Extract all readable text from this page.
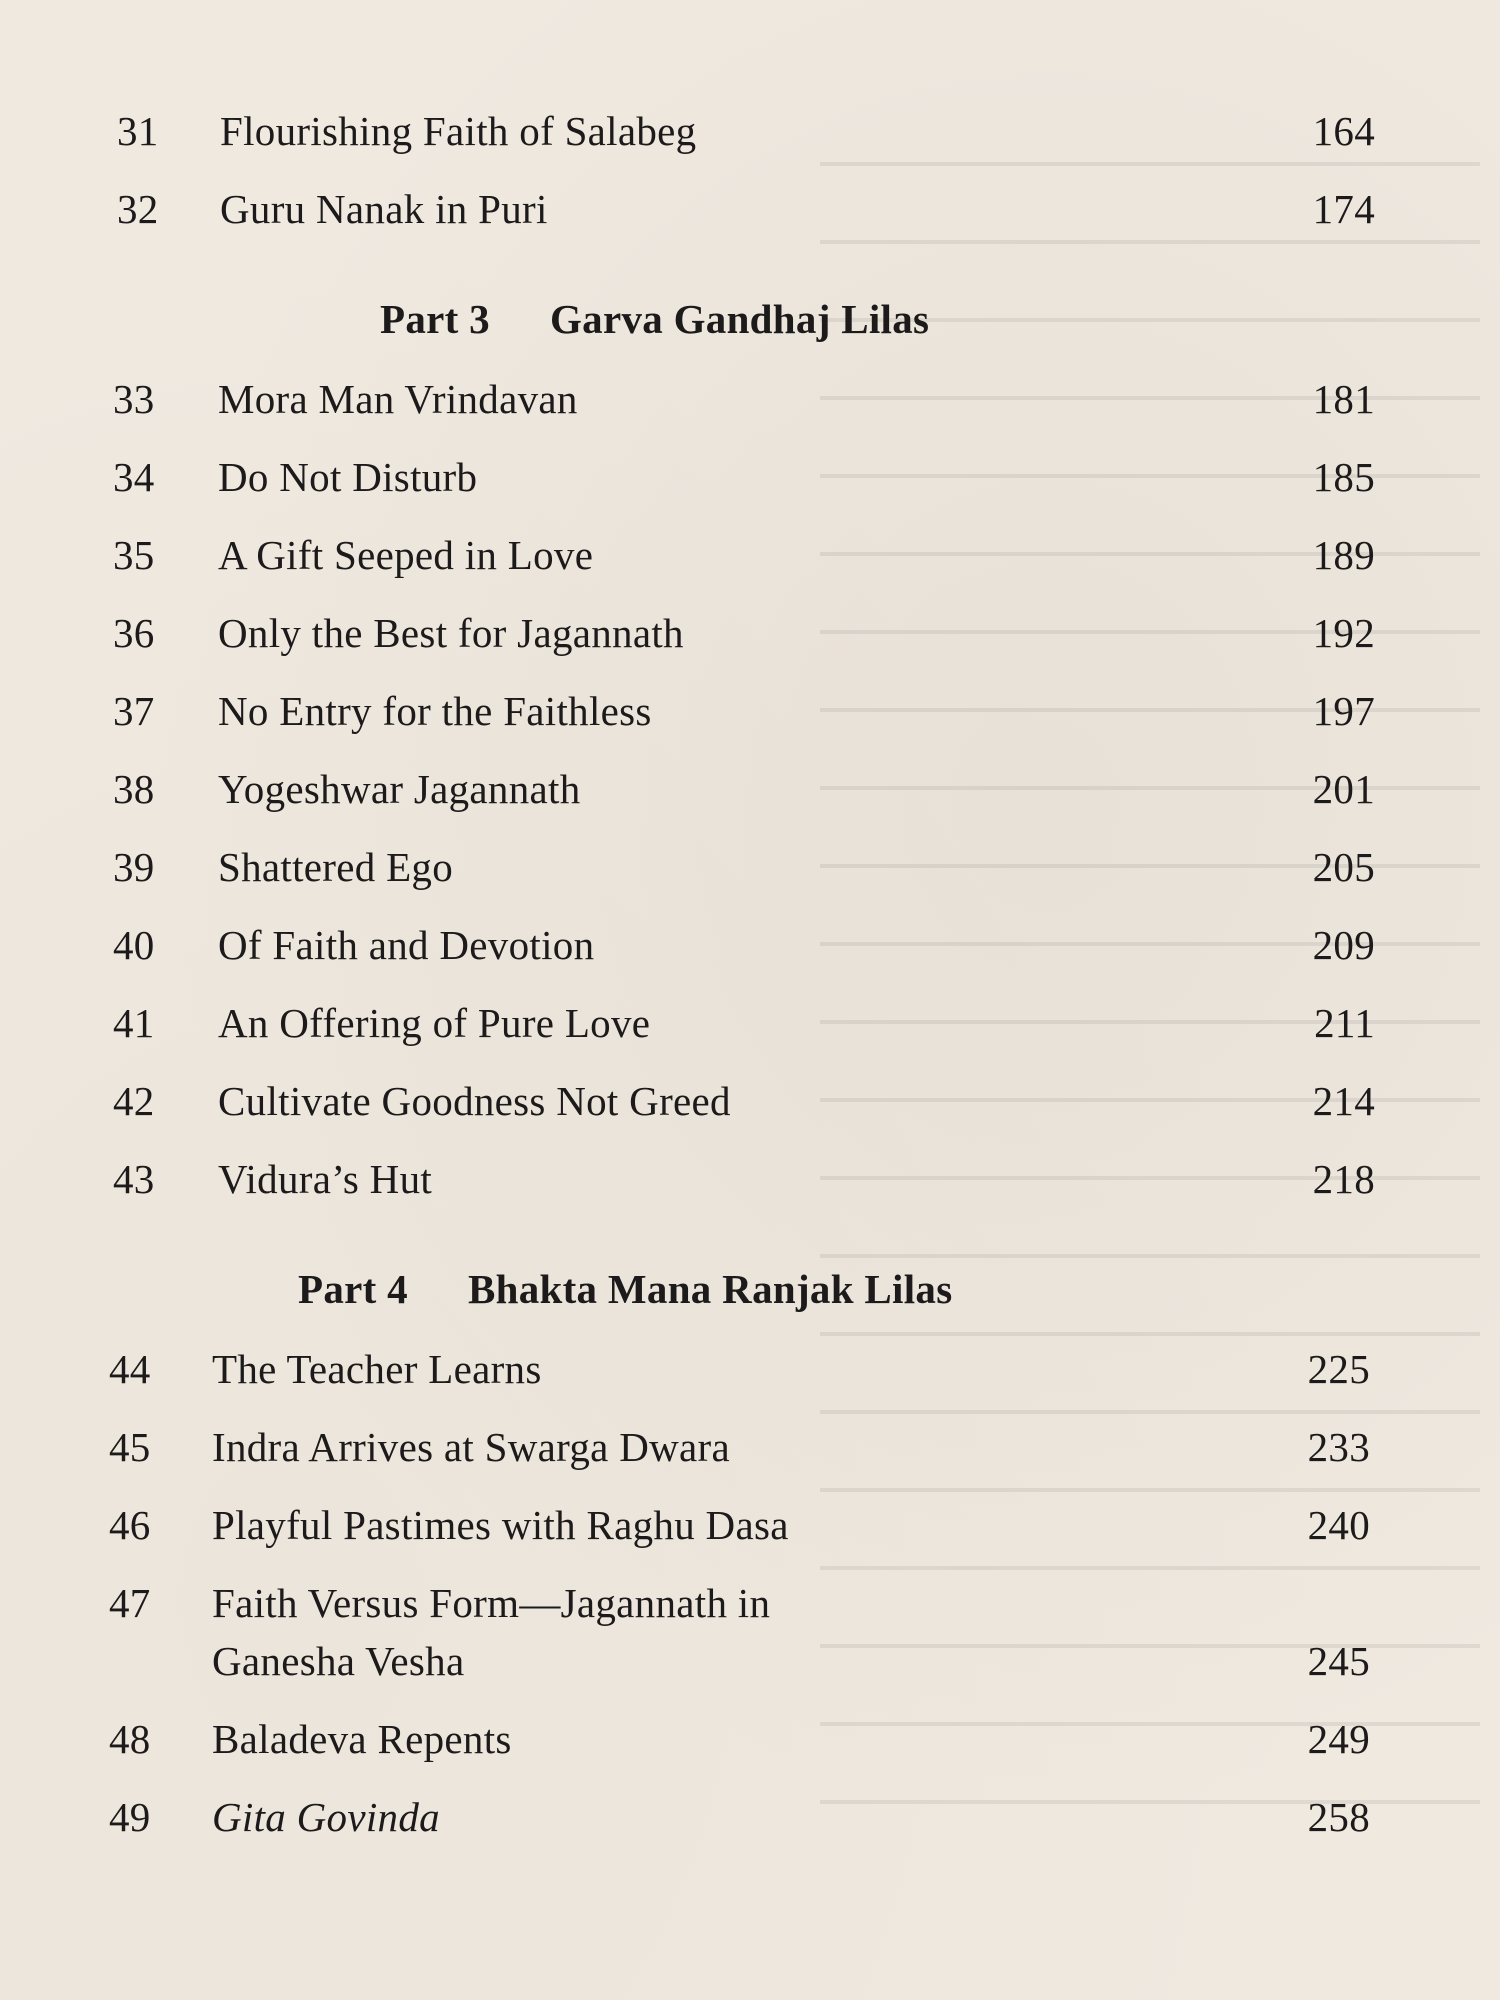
31	Flourishing Faith of Salabeg	164
32	Guru Nanak in Puri	174
Part 3 Garva Gandhaj Lilas
33	Mora Man Vrindavan	181
34	Do Not Disturb	185
35	A Gift Seeped in Love	189
36	Only the Best for Jagannath	192
37	No Entry for the Faithless	197
38	Yogeshwar Jagannath	201
39	Shattered Ego	205
40	Of Faith and Devotion	209
41	An Offering of Pure Love	211
42	Cultivate Goodness Not Greed	214
43	Vidura’s Hut	218
Part 4 Bhakta Mana Ranjak Lilas
44	The Teacher Learns	225
45	Indra Arrives at Swarga Dwara	233
46	Playful Pastimes with Raghu Dasa	240
47	Faith Versus Form—Jagannath in
Ganesha Vesha	245
48	Baladeva Repents	249
49	Gita Govinda	258
